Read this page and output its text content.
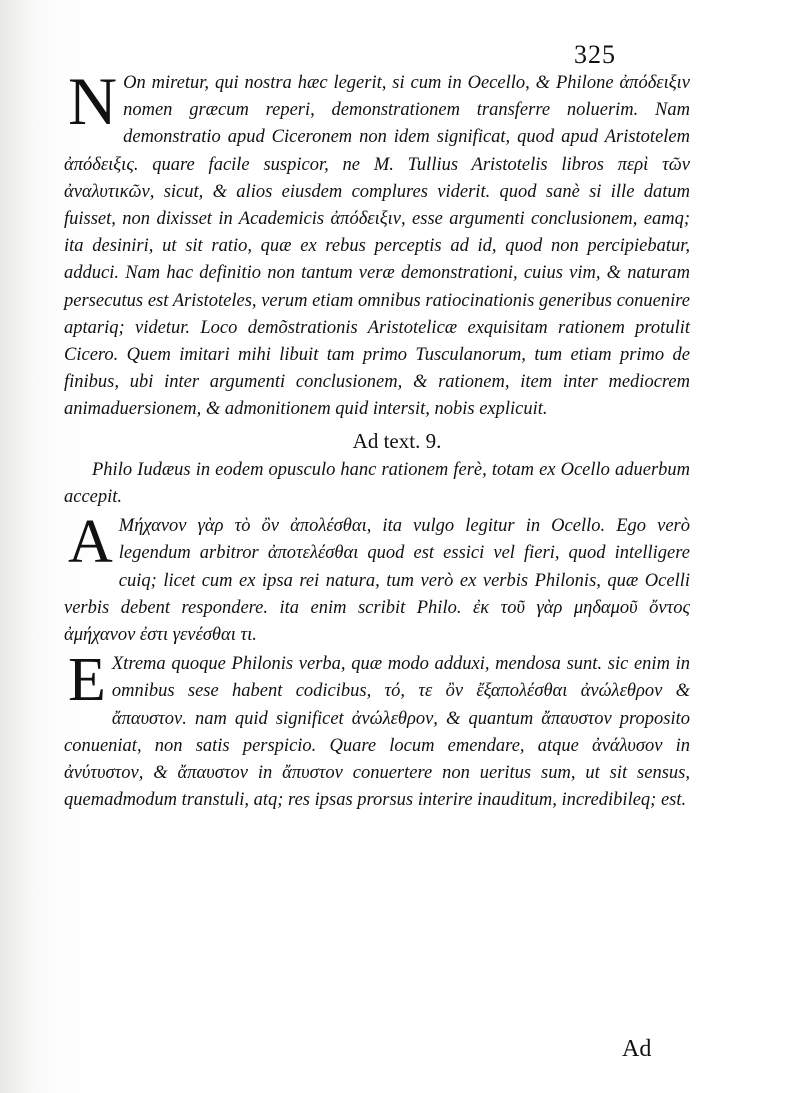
325

N On miretur, qui nostra hæc legerit, si cum in Oecello, & Philone ἀπόδειξιν nomen græcum reperi, demonstrationem transferre noluerim. Nam demonstratio apud Ciceronem non idem significat, quod apud Aristotelem ἀπόδειξις. quare facile suspicor, ne M. Tullius Aristotelis libros περὶ τῶν ἀναλυτικῶν, sicut, & alios eiusdem complures viderit. quod sanè si ille datum fuisset, non dixisset in Academicis ἀπόδειξιν, esse argumenti conclusionem, eamq; ita desiniri, ut sit ratio, quæ ex rebus perceptis ad id, quod non percipiebatur, adduci. Nam hac definitio non tantum veræ demonstrationi, cuius vim, & naturam persecutus est Aristoteles, verum etiam omnibus ratiocinationis generibus conuenire aptariq; videtur. Loco demõstrationis Aristotelicæ exquisitam rationem protulit Cicero. Quem imitari mihi libuit tam primo Tusculanorum, tum etiam primo de finibus, ubi inter argumenti conclusionem, & rationem, item inter mediocrem animaduersionem, & admonitionem quid intersit, nobis explicuit.

Ad text. 9.

Philo Iudæus in eodem opusculo hanc rationem ferè, totam ex Ocello aduerbum accepit.

A Μήχανον γὰρ τὸ ὂν ἀπολέσθαι, ita vulgo legitur in Ocello. Ego verò legendum arbitror ἀποτελέσθαι quod est essici vel fieri, quod intelligere cuiq; licet cum ex ipsa rei natura, tum verò ex verbis Philonis, quæ Ocelli verbis debent respondere. ita enim scribit Philo. ἐκ τοῦ γὰρ μηδαμοῦ ὄντος ἀμήχανον ἐστι γενέσθαι τι.

E Xtrema quoque Philonis verba, quæ modo adduxi, mendosa sunt. sic enim in omnibus sese habent codicibus, τό, τε ὂν ἔξαπολέσθαι ἀνώλεθρον & ἄπαυστον. nam quid significet ἀνώλεθρον, & quantum ἄπαυστον proposito conueniat, non satis perspicio. Quare locum emendare, atque ἀνάλυσον in ἀνύτυστον, & ἄπαυστον in ἄπυστον conuertere non ueritus sum, ut sit sensus, quemadmodum transtuli, atq; res ipsas prorsus interire inauditum, incredibileq; est.

Ad
